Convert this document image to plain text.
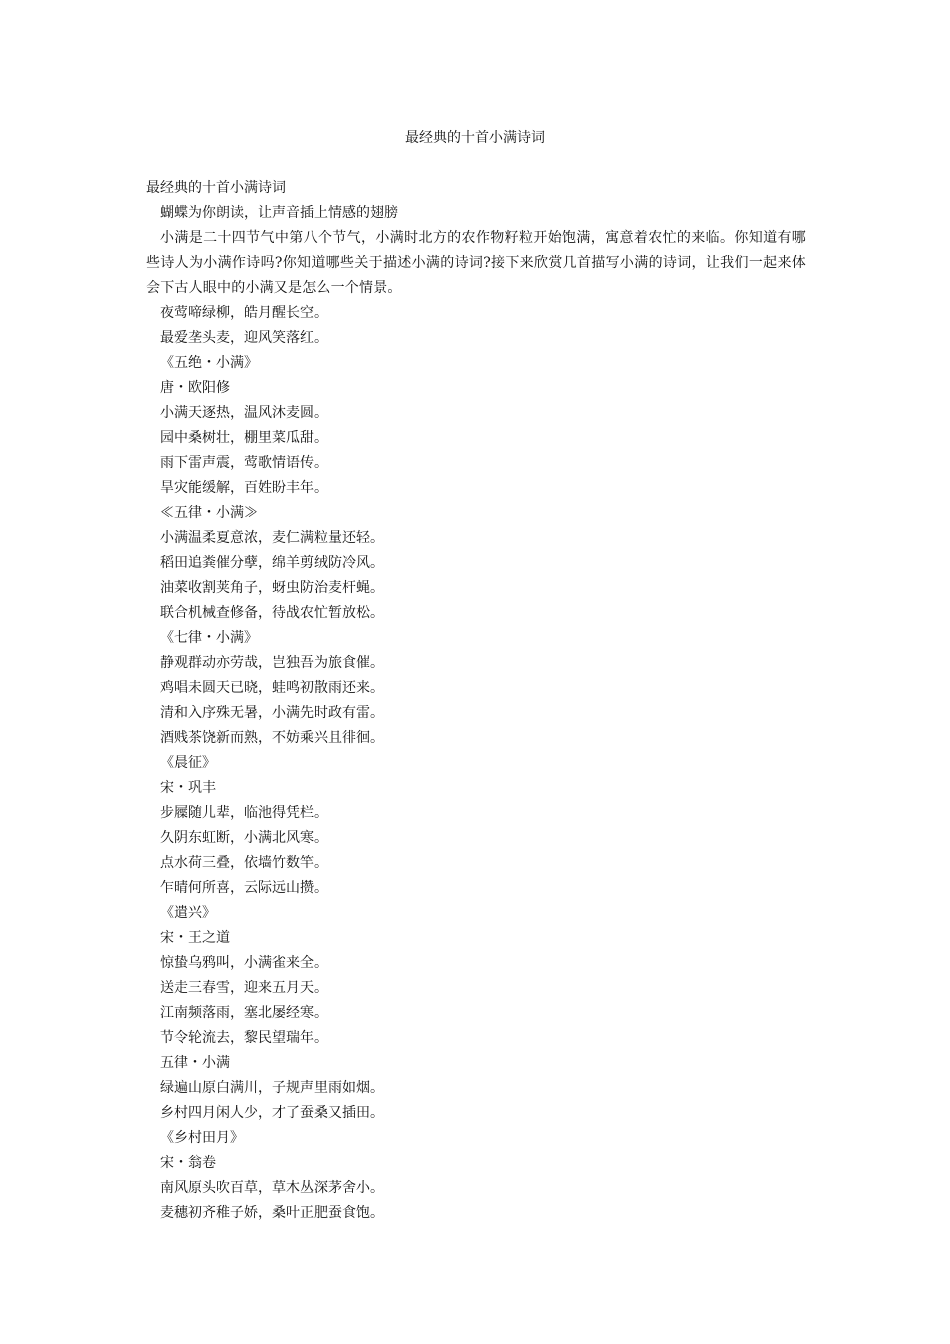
最经典的十首小满诗词
最经典的十首小满诗词
蝴蝶为你朗读，让声音插上情感的翅膀
小满是二十四节气中第八个节气，小满时北方的农作物籽粒开始饱满，寓意着农忙的来临。你知道有哪些诗人为小满作诗吗?你知道哪些关于描述小满的诗词?接下来欣赏几首描写小满的诗词，让我们一起来体会下古人眼中的小满又是怎么一个情景。
夜莺啼绿柳，皓月醒长空。
最爱垄头麦，迎风笑落红。
《五绝・小满》
唐・欧阳修
小满天逐热，温风沐麦圆。
园中桑树壮，棚里菜瓜甜。
雨下雷声震，莺歌情语传。
旱灾能缓解，百姓盼丰年。
≪五律・小满≫
小满温柔夏意浓，麦仁满粒量还轻。
稻田追粪催分孽，绵羊剪绒防冷风。
油菜收割荚角子，蚜虫防治麦杆蝇。
联合机械查修备，待战农忙暂放松。
《七律・小满》
静观群动亦劳哉，岂独吾为旅食催。
鸡唱未圆天已晓，蛙鸣初散雨还来。
清和入序殊无暑，小满先时政有雷。
酒贱茶饶新而熟，不妨乘兴且徘徊。
《晨征》
宋・巩丰
步屧随儿辈，临池得凭栏。
久阴东虹断，小满北风寒。
点水荷三叠，依墙竹数竿。
乍晴何所喜，云际远山攒。
《遣兴》
宋・王之道
惊蛰乌鸦叫，小满雀来全。
送走三春雪，迎来五月天。
江南频落雨，塞北屡经寒。
节令轮流去，黎民望瑞年。
五律・小满
绿遍山原白满川，子规声里雨如烟。
乡村四月闲人少，才了蚕桑又插田。
《乡村田月》
宋・翁卷
南风原头吹百草，草木丛深茅舍小。
麦穗初齐稚子娇，桑叶正肥蚕食饱。
